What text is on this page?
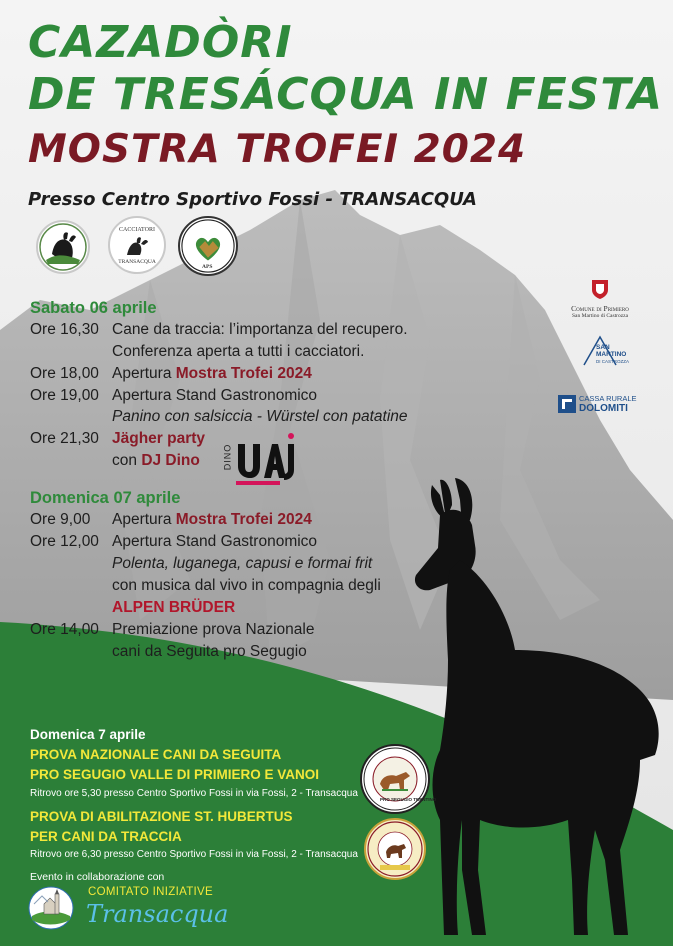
CAZADÒRI
DE TRESÁCQUA IN FESTA
MOSTRA TROFEI 2024
Presso Centro Sportivo Fossi - TRANSACQUA
CACCIATORI
TRANSACQUA
APS
Comune di Primiero
San Martino di Castrozza
SAN
MARTINO
DI CASTROZZA
CASSA RURALE
DOLOMITI
Sabato 06 aprile
Ore 16,30 Cane da traccia: l’importanza del recupero.
Conferenza aperta a tutti i cacciatori.
Ore 18,00 Apertura Mostra Trofei 2024
Ore 19,00 Apertura Stand Gastronomico
Panino con salsiccia - Würstel con patatine
Ore 21,30 Jägher party
con DJ Dino	DINO
Domenica 07 aprile
Ore 9,00 Apertura Mostra Trofei 2024
Ore 12,00 Apertura Stand Gastronomico
Polenta, luganega, capusi e formai frit
con musica dal vivo in compagnia degli
ALPEN BRÜDER
Ore 14,00 Premiazione prova Nazionale
cani da Seguita pro Segugio
Domenica 7 aprile
PROVA NAZIONALE CANI DA SEGUITA
PRO SEGUGIO VALLE DI PRIMIERO E VANOI
Ritrovo ore 5,30 presso Centro Sportivo Fossi in via Fossi, 2 - Transacqua
PROVA DI ABILITAZIONE ST. HUBERTUS
PER CANI DA TRACCIA
Ritrovo ore 6,30 presso Centro Sportivo Fossi in via Fossi, 2 - Transacqua
Evento in collaborazione con
PRO SEGUGIO TRENTINO
COMITATO INIZIATIVE
Transacqua
